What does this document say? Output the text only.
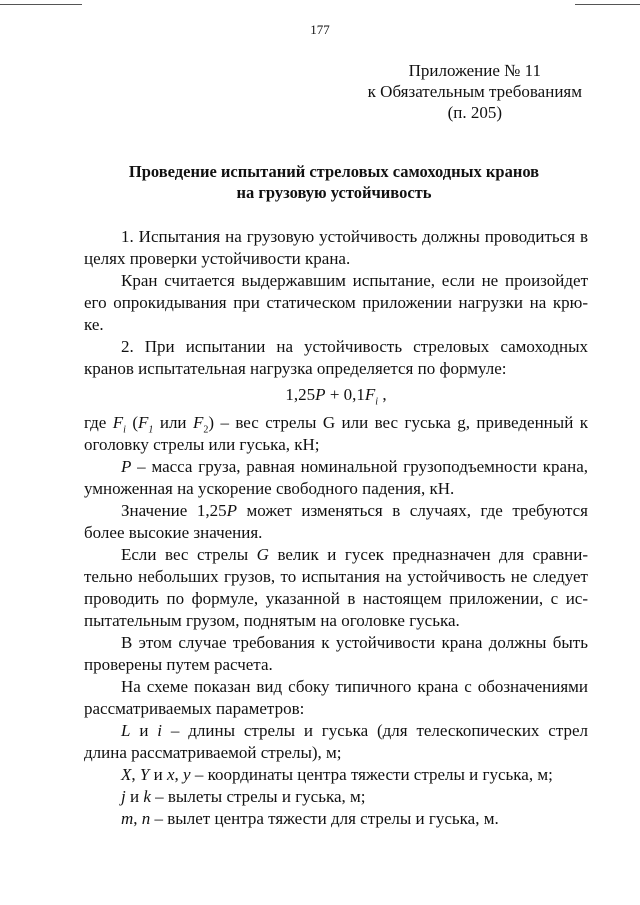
177
Приложение № 11
к Обязательным требованиям
(п. 205)
Проведение испытаний стреловых самоходных кранов
на грузовую устойчивость

1. Испытания на грузовую устойчивость должны проводиться в целях проверки устойчивости крана.

Кран считается выдержавшим испытание, если не произойдет его опрокидывания при статическом приложении нагрузки на крю-ке.

2. При испытании на устойчивость стреловых самоходных кранов испытательная нагрузка определяется по формуле:

$1,25P + 0,1F_i$ ,

где $F_i$ ($F_1$ или $F_2$) – вес стрелы G или вес гуська g, приведенный к оголовку стрелы или гуська, кН;

P – масса груза, равная номинальной грузоподъемности крана, умноженная на ускорение свободного падения, кН.

Значение 1,25P может изменяться в случаях, где требуются более высокие значения.

Если вес стрелы G велик и гусек предназначен для сравни-тельно небольших грузов, то испытания на устойчивость не следует проводить по формуле, указанной в настоящем приложении, с ис-пытательным грузом, поднятым на оголовке гуська.

В этом случае требования к устойчивости крана должны быть проверены путем расчета.

На схеме показан вид сбоку типичного крана с обозначениями рассматриваемых параметров:

L и i – длины стрелы и гуська (для телескопических стрел длина рассматриваемой стрелы), м;

X, Y и x, y – координаты центра тяжести стрелы и гуська, м;

j и k – вылеты стрелы и гуська, м;

m, n – вылет центра тяжести для стрелы и гуська, м.
